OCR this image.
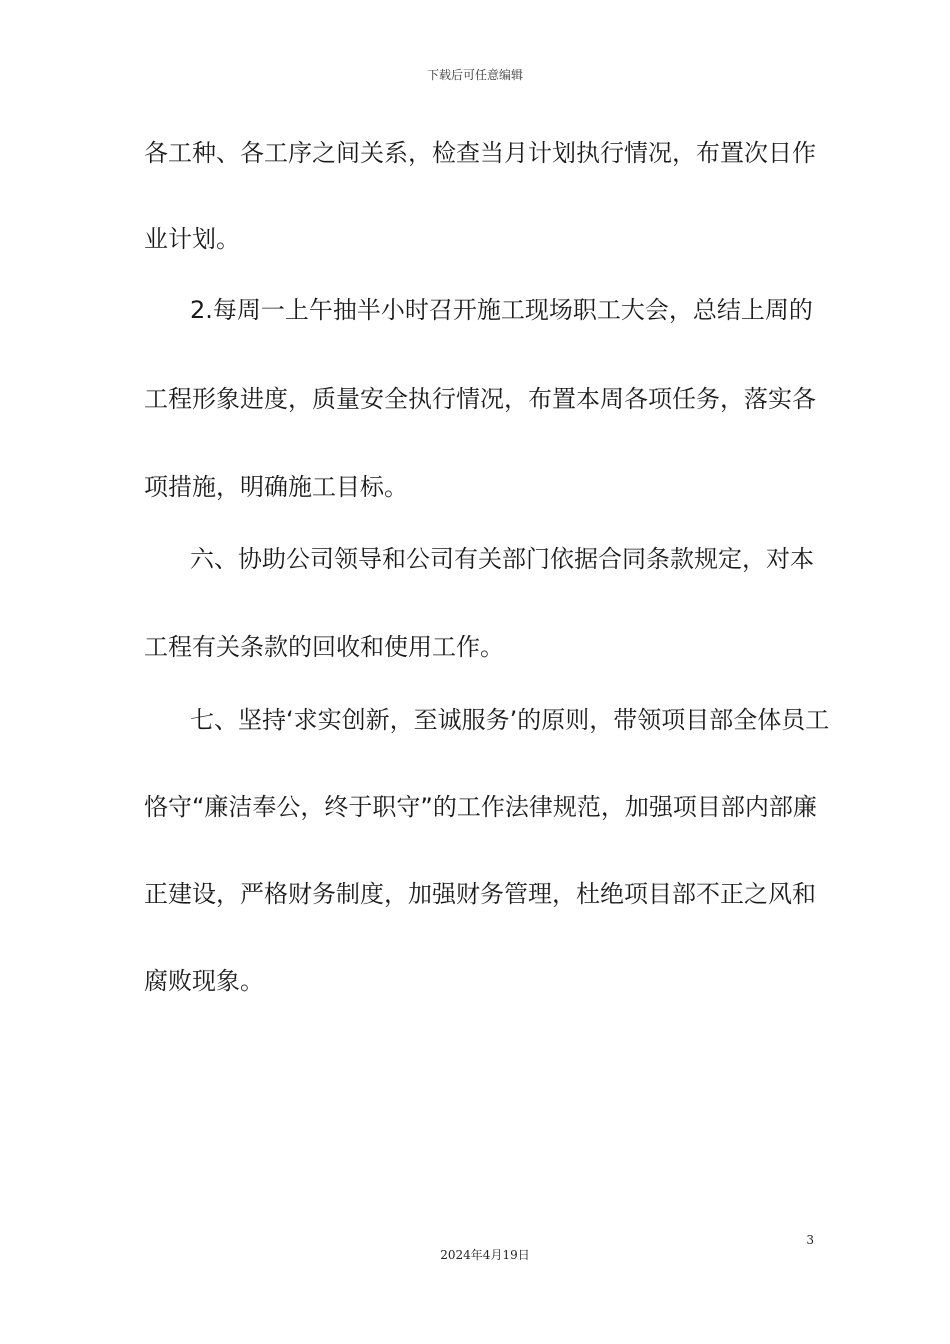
下载后可任意编辑
各工种、各工序之间关系，检查当月计划执行情况，布置次日作
业计划。
2.每周一上午抽半小时召开施工现场职工大会，总结上周的
工程形象进度，质量安全执行情况，布置本周各项任务，落实各
项措施，明确施工目标。
六、协助公司领导和公司有关部门依据合同条款规定，对本
工程有关条款的回收和使用工作。
七、坚持‘求实创新，至诚服务’的原则，带领项目部全体员工
恪守“廉洁奉公，终于职守”的工作法律规范，加强项目部内部廉
正建设，严格财务制度，加强财务管理，杜绝项目部不正之风和
腐败现象。
3
2024年4月19日
